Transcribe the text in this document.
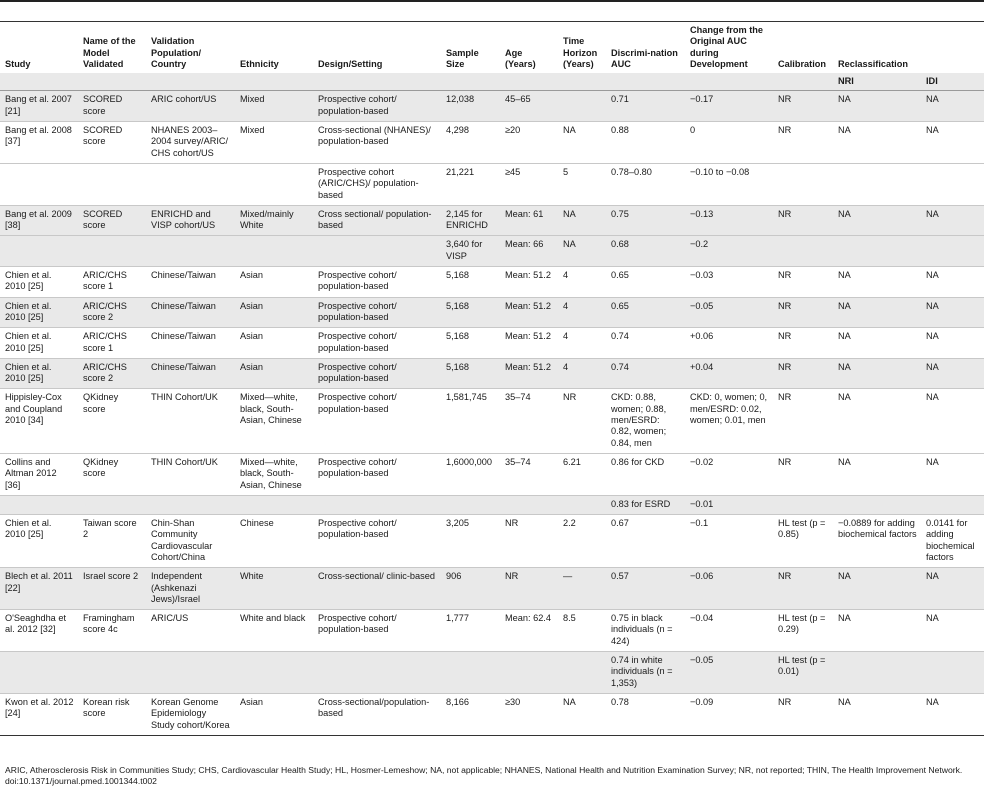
Study	Name of the Model Validated	Validation Population/ Country	Ethnicity	Design/Setting	Sample Size	Age (Years)	Time Horizon (Years)	Discrimi-nation AUC	Change from the Original AUC during Development	Calibration	Reclassification	
											NRI	IDI
Bang et al. 2007 [21]	SCORED score	ARIC cohort/US	Mixed	Prospective cohort/ population-based	12,038	45–65		0.71	−0.17	NR	NA	NA
Bang et al. 2008 [37]	SCORED score	NHANES 2003–2004 survey/ARIC/ CHS cohort/US	Mixed	Cross-sectional (NHANES)/ population-based	4,298	≥20	NA	0.88	0	NR	NA	NA
				Prospective cohort (ARIC/CHS)/ population-based	21,221	≥45	5	0.78–0.80	−0.10 to −0.08			
Bang et al. 2009 [38]	SCORED score	ENRICHD and VISP cohort/US	Mixed/mainly White	Cross sectional/ population-based	2,145 for ENRICHD	Mean: 61	NA	0.75	−0.13	NR	NA	NA
					3,640 for VISP	Mean: 66	NA	0.68	−0.2			
Chien et al. 2010 [25]	ARIC/CHS score 1	Chinese/Taiwan	Asian	Prospective cohort/ population-based	5,168	Mean: 51.2	4	0.65	−0.03	NR	NA	NA
Chien et al. 2010 [25]	ARIC/CHS score 2	Chinese/Taiwan	Asian	Prospective cohort/ population-based	5,168	Mean: 51.2	4	0.65	−0.05	NR	NA	NA
Chien et al. 2010 [25]	ARIC/CHS score 1	Chinese/Taiwan	Asian	Prospective cohort/ population-based	5,168	Mean: 51.2	4	0.74	+0.06	NR	NA	NA
Chien et al. 2010 [25]	ARIC/CHS score 2	Chinese/Taiwan	Asian	Prospective cohort/ population-based	5,168	Mean: 51.2	4	0.74	+0.04	NR	NA	NA
Hippisley-Cox and Coupland 2010 [34]	QKidney score	THIN Cohort/UK	Mixed—white, black, South-Asian, Chinese	Prospective cohort/ population-based	1,581,745	35–74	NR	CKD: 0.88, women; 0.88, men/ESRD: 0.82, women; 0.84, men	CKD: 0, women; 0, men/ESRD: 0.02, women; 0.01, men	NR	NA	NA
Collins and Altman 2012 [36]	QKidney score	THIN Cohort/UK	Mixed—white, black, South-Asian, Chinese	Prospective cohort/ population-based	1,6000,000	35–74	6.21	0.86 for CKD	−0.02	NR	NA	NA
								0.83 for ESRD	−0.01			
Chien et al. 2010 [25]	Taiwan score 2	Chin-Shan Community Cardiovascular Cohort/China	Chinese	Prospective cohort/ population-based	3,205	NR	2.2	0.67	−0.1	HL test (p = 0.85)	−0.0889 for adding biochemical factors	0.0141 for adding biochemical factors
Blech et al. 2011 [22]	Israel score 2	Independent (Ashkenazi Jews)/Israel	White	Cross-sectional/ clinic-based	906	NR	—	0.57	−0.06	NR	NA	NA
O'Seaghdha et al. 2012 [32]	Framingham score 4c	ARIC/US	White and black	Prospective cohort/ population-based	1,777	Mean: 62.4	8.5	0.75 in black individuals (n = 424)	−0.04	HL test (p = 0.29)	NA	NA
								0.74 in white individuals (n = 1,353)	−0.05	HL test (p = 0.01)		
Kwon et al. 2012 [24]	Korean risk score	Korean Genome Epidemiology Study cohort/Korea	Asian	Cross-sectional/population-based	8,166	≥30	NA	0.78	−0.09	NR	NA	NA
ARIC, Atherosclerosis Risk in Communities Study; CHS, Cardiovascular Health Study; HL, Hosmer-Lemeshow; NA, not applicable; NHANES, National Health and Nutrition Examination Survey; NR, not reported; THIN, The Health Improvement Network.
doi:10.1371/journal.pmed.1001344.t002
